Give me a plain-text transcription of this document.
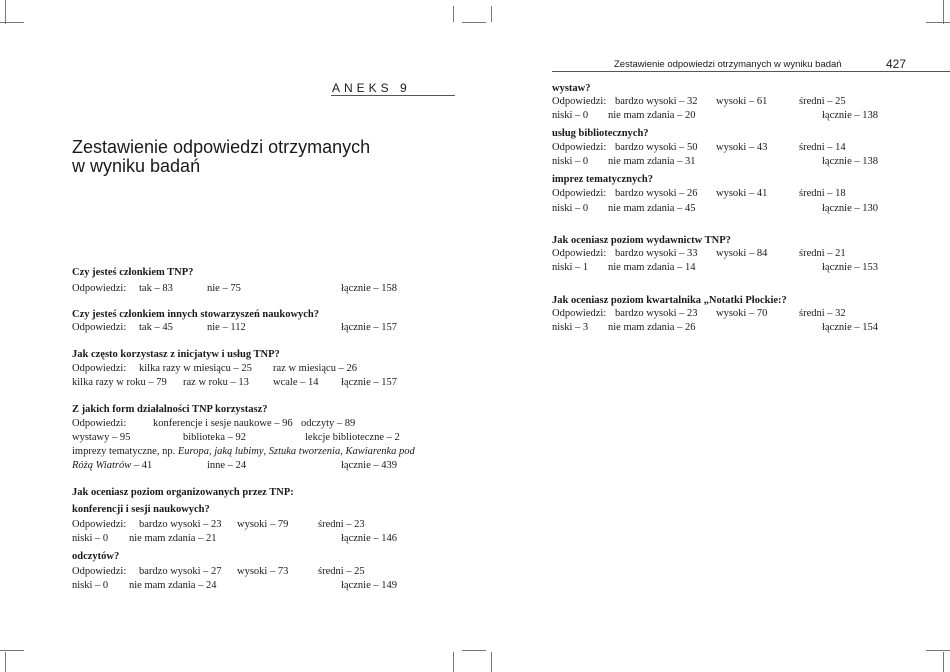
ANEKS 9
Zestawienie odpowiedzi otrzymanych
w wyniku badań
Czy jesteś członkiem TNP?
Odpowiedzi: tak – 83	nie – 75	łącznie – 158
Czy jesteś członkiem innych stowarzyszeń naukowych?
Odpowiedzi: tak – 45	nie – 112	łącznie – 157
Jak często korzystasz z inicjatyw i usług TNP?
Odpowiedzi: kilka razy w miesiącu – 25 raz w miesiącu – 26
kilka razy w roku – 79 raz w roku – 13 wcale – 14 łącznie – 157
Z jakich form działalności TNP korzystasz?
Odpowiedzi:	konferencje i sesje naukowe – 96 odczyty – 89
wystawy – 95	biblioteka – 92	lekcje biblioteczne – 2
imprezy tematyczne, np. Europa, jaką lubimy, Sztuka tworzenia, Kawiarenka pod
Różą Wiatrów – 41	inne – 24	łącznie – 439
Jak oceniasz poziom organizowanych przez TNP:
konferencji i sesji naukowych?
Odpowiedzi: bardzo wysoki – 23 wysoki – 79	średni – 23
niski – 0 nie mam zdania – 21	łącznie – 146
odczytów?
Odpowiedzi: bardzo wysoki – 27 wysoki – 73	średni – 25
niski – 0 nie mam zdania – 24	łącznie – 149
Zestawienie odpowiedzi otrzymanych w wyniku badań	427
wystaw?
Odpowiedzi: bardzo wysoki – 32 wysoki – 61	średni – 25
niski – 0 nie mam zdania – 20	łącznie – 138
usług bibliotecznych?
Odpowiedzi: bardzo wysoki – 50 wysoki – 43	średni – 14
niski – 0 nie mam zdania – 31	łącznie – 138
imprez tematycznych?
Odpowiedzi: bardzo wysoki – 26 wysoki – 41	średni – 18
niski – 0 nie mam zdania – 45	łącznie – 130
Jak oceniasz poziom wydawnictw TNP?
Odpowiedzi: bardzo wysoki – 33 wysoki – 84	średni – 21
niski – 1 nie mam zdania – 14	łącznie – 153
Jak oceniasz poziom kwartalnika „Notatki Płockie:?
Odpowiedzi: bardzo wysoki – 23 wysoki – 70	średni – 32
niski – 3 nie mam zdania – 26	łącznie – 154
